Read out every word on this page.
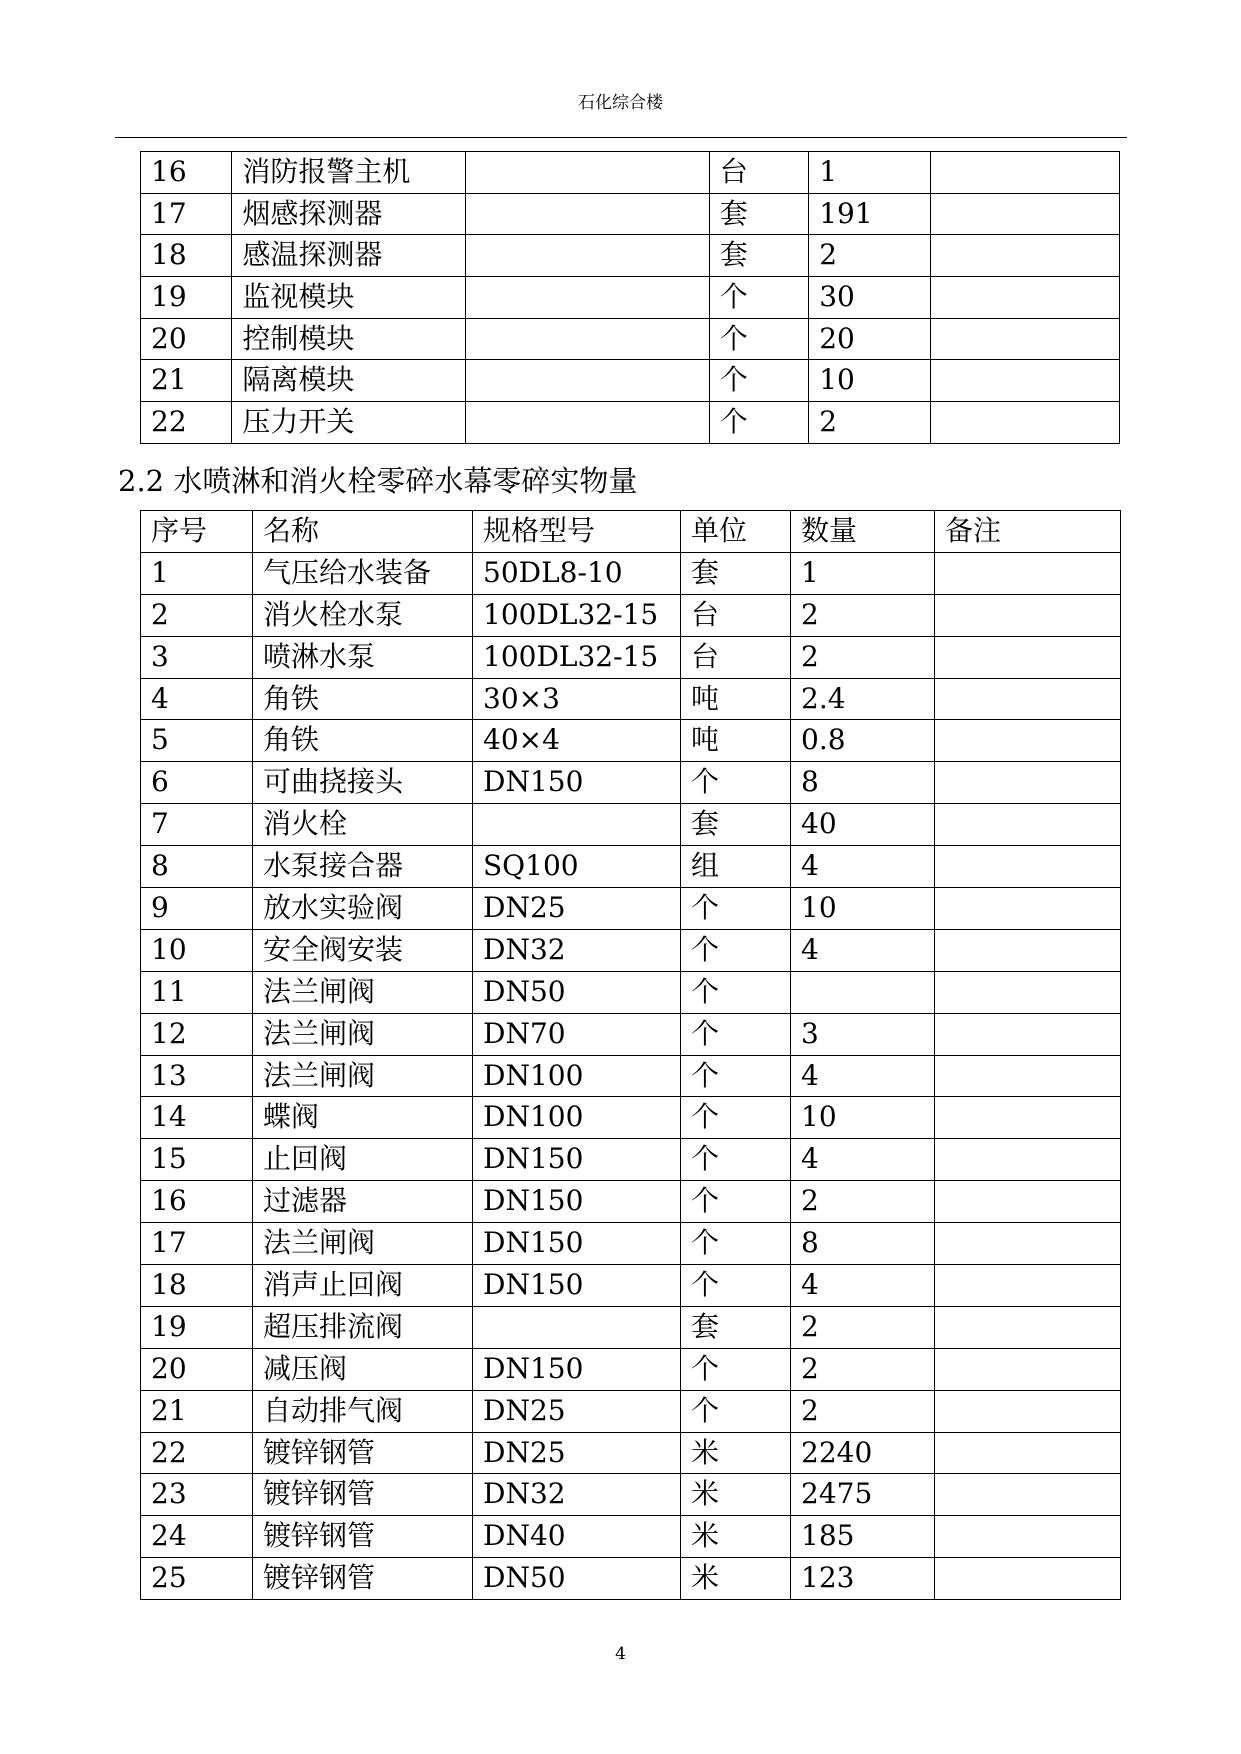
石化综合楼
16	消防报警主机		台	1	
17	烟感探测器		套	191	
18	感温探测器		套	2	
19	监视模块		个	30	
20	控制模块		个	20	
21	隔离模块		个	10	
22	压力开关		个	2	
2.2 水喷淋和消火栓零碎水幕零碎实物量
序号	名称	规格型号	单位	数量	备注
1	气压给水装备	50DL8-10	套	1	
2	消火栓水泵	100DL32-15	台	2	
3	喷淋水泵	100DL32-15	台	2	
4	角铁	30×3	吨	2.4	
5	角铁	40×4	吨	0.8	
6	可曲挠接头	DN150	个	8	
7	消火栓		套	40	
8	水泵接合器	SQ100	组	4	
9	放水实验阀	DN25	个	10	
10	安全阀安装	DN32	个	4	
11	法兰闸阀	DN50	个		
12	法兰闸阀	DN70	个	3	
13	法兰闸阀	DN100	个	4	
14	蝶阀	DN100	个	10	
15	止回阀	DN150	个	4	
16	过滤器	DN150	个	2	
17	法兰闸阀	DN150	个	8	
18	消声止回阀	DN150	个	4	
19	超压排流阀		套	2	
20	减压阀	DN150	个	2	
21	自动排气阀	DN25	个	2	
22	镀锌钢管	DN25	米	2240	
23	镀锌钢管	DN32	米	2475	
24	镀锌钢管	DN40	米	185	
25	镀锌钢管	DN50	米	123	
4
